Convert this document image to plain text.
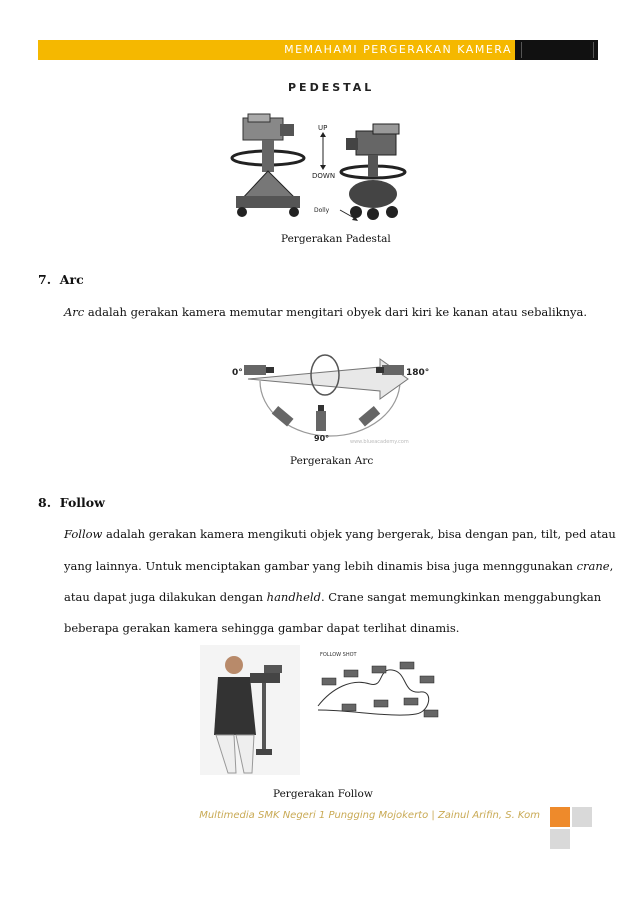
MEMAHAMI PERGERAKAN KAMERA
PEDESTAL
UP
DOWN
Dolly
Pergerakan Padestal
7. Arc
Arc adalah gerakan kamera memutar mengitari obyek dari kiri ke kanan atau sebaliknya.
0°	180°
90°	www.blueacademy.com
Pergerakan Arc
8. Follow
Follow adalah gerakan kamera mengikuti objek yang bergerak, bisa dengan pan, tilt, ped atau
yang lainnya. Untuk menciptakan gambar yang lebih dinamis bisa juga mennggunakan crane,
atau dapat juga dilakukan dengan handheld. Crane sangat memungkinkan menggabungkan
beberapa gerakan kamera sehingga gambar dapat terlihat dinamis.
FOLLOW SHOT
Pergerakan Follow
Multimedia SMK Negeri 1 Pungging Mojokerto | Zainul Arifin, S. Kom
